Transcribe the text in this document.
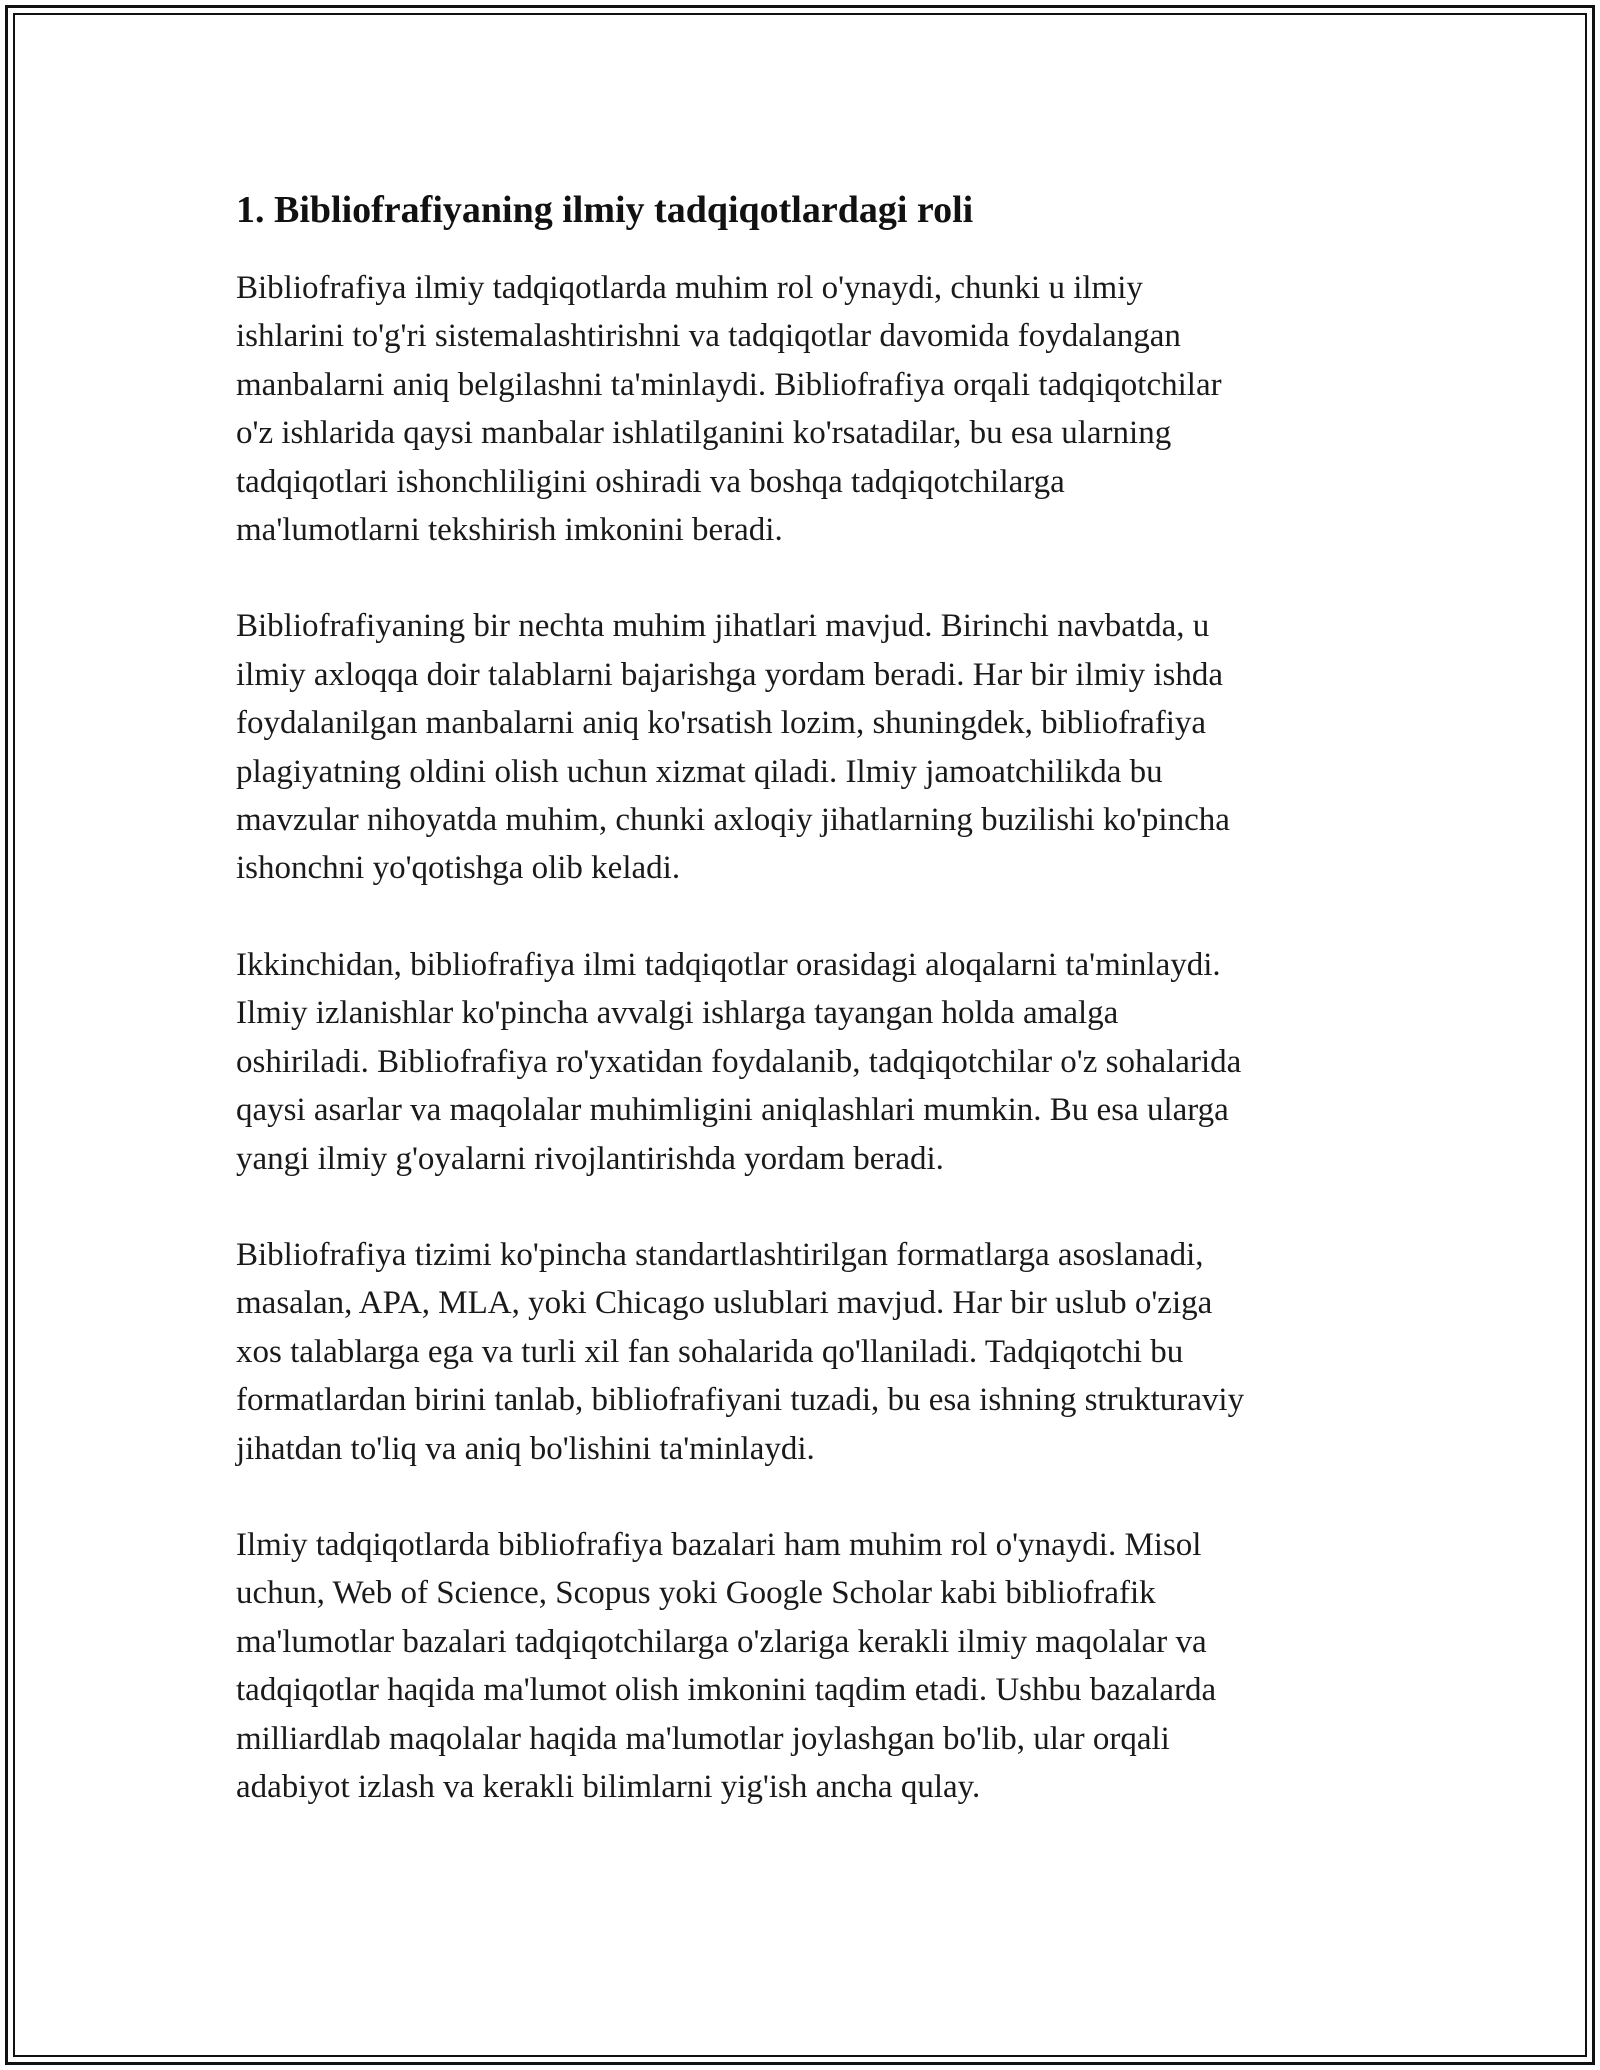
1. Bibliofrafiyaning ilmiy tadqiqotlardagi roli

Bibliofrafiya ilmiy tadqiqotlarda muhim rol o'ynaydi, chunki u ilmiy
ishlarini to'g'ri sistemalashtirishni va tadqiqotlar davomida foydalangan
manbalarni aniq belgilashni ta'minlaydi. Bibliofrafiya orqali tadqiqotchilar
o'z ishlarida qaysi manbalar ishlatilganini ko'rsatadilar, bu esa ularning
tadqiqotlari ishonchliligini oshiradi va boshqa tadqiqotchilarga
ma'lumotlarni tekshirish imkonini beradi.

Bibliofrafiyaning bir nechta muhim jihatlari mavjud. Birinchi navbatda, u
ilmiy axloqqa doir talablarni bajarishga yordam beradi. Har bir ilmiy ishda
foydalanilgan manbalarni aniq ko'rsatish lozim, shuningdek, bibliofrafiya
plagiyatning oldini olish uchun xizmat qiladi. Ilmiy jamoatchilikda bu
mavzular nihoyatda muhim, chunki axloqiy jihatlarning buzilishi ko'pincha
ishonchni yo'qotishga olib keladi.

Ikkinchidan, bibliofrafiya ilmi tadqiqotlar orasidagi aloqalarni ta'minlaydi.
Ilmiy izlanishlar ko'pincha avvalgi ishlarga tayangan holda amalga
oshiriladi. Bibliofrafiya ro'yxatidan foydalanib, tadqiqotchilar o'z sohalarida
qaysi asarlar va maqolalar muhimligini aniqlashlari mumkin. Bu esa ularga
yangi ilmiy g'oyalarni rivojlantirishda yordam beradi.

Bibliofrafiya tizimi ko'pincha standartlashtirilgan formatlarga asoslanadi,
masalan, APA, MLA, yoki Chicago uslublari mavjud. Har bir uslub o'ziga
xos talablarga ega va turli xil fan sohalarida qo'llaniladi. Tadqiqotchi bu
formatlardan birini tanlab, bibliofrafiyani tuzadi, bu esa ishning strukturaviy
jihatdan to'liq va aniq bo'lishini ta'minlaydi.

Ilmiy tadqiqotlarda bibliofrafiya bazalari ham muhim rol o'ynaydi. Misol
uchun, Web of Science, Scopus yoki Google Scholar kabi bibliofrafik
ma'lumotlar bazalari tadqiqotchilarga o'zlariga kerakli ilmiy maqolalar va
tadqiqotlar haqida ma'lumot olish imkonini taqdim etadi. Ushbu bazalarda
milliardlab maqolalar haqida ma'lumotlar joylashgan bo'lib, ular orqali
adabiyot izlash va kerakli bilimlarni yig'ish ancha qulay.
